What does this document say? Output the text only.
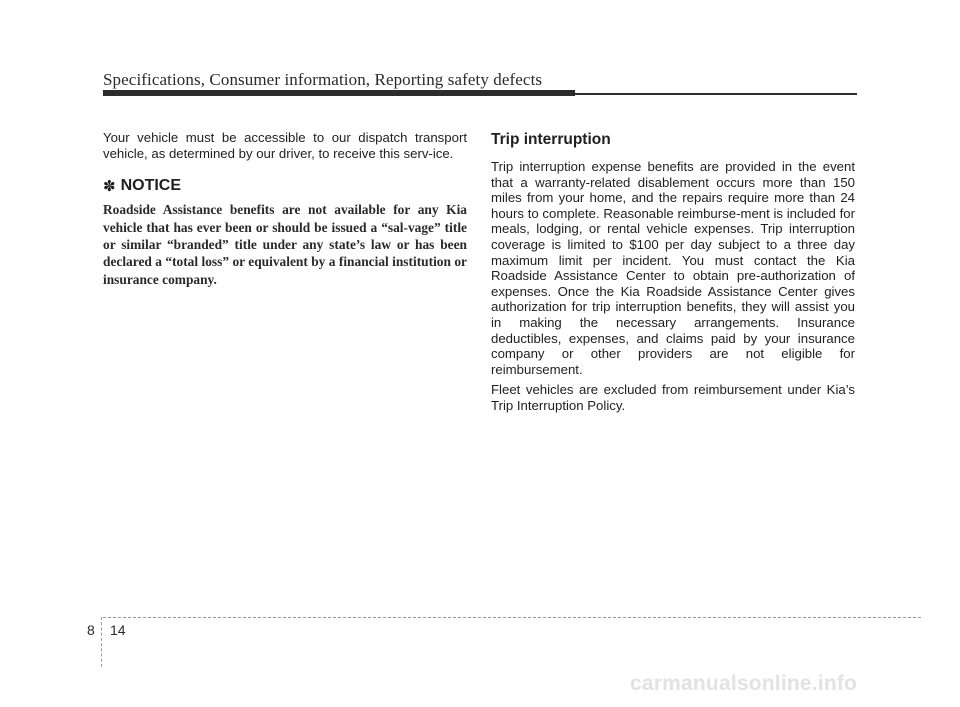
Specifications, Consumer information, Reporting safety defects

Your vehicle must be accessible to our dispatch transport vehicle, as determined by our driver, to receive this serv-ice.

✽ NOTICE

Roadside Assistance benefits are not available for any Kia vehicle that has ever been or should be issued a “sal-vage” title or similar “branded” title under any state’s law or has been declared a “total loss” or equivalent by a financial institution or insurance company.

Trip interruption

Trip interruption expense benefits are provided in the event that a warranty-related disablement occurs more than 150 miles from your home, and the repairs require more than 24 hours to complete. Reasonable reimburse-ment is included for meals, lodging, or rental vehicle expenses. Trip interruption coverage is limited to $100 per day subject to a three day maximum limit per incident. You must contact the Kia Roadside Assistance Center to obtain pre-authorization of expenses. Once the Kia Roadside Assistance Center gives authorization for trip interruption benefits, they will assist you in making the necessary arrangements. Insurance deductibles, expenses, and claims paid by your insurance company or other providers are not eligible for reimbursement.

Fleet vehicles are excluded from reimbursement under Kia’s Trip Interruption Policy.

8 14
carmanualsonline.info
